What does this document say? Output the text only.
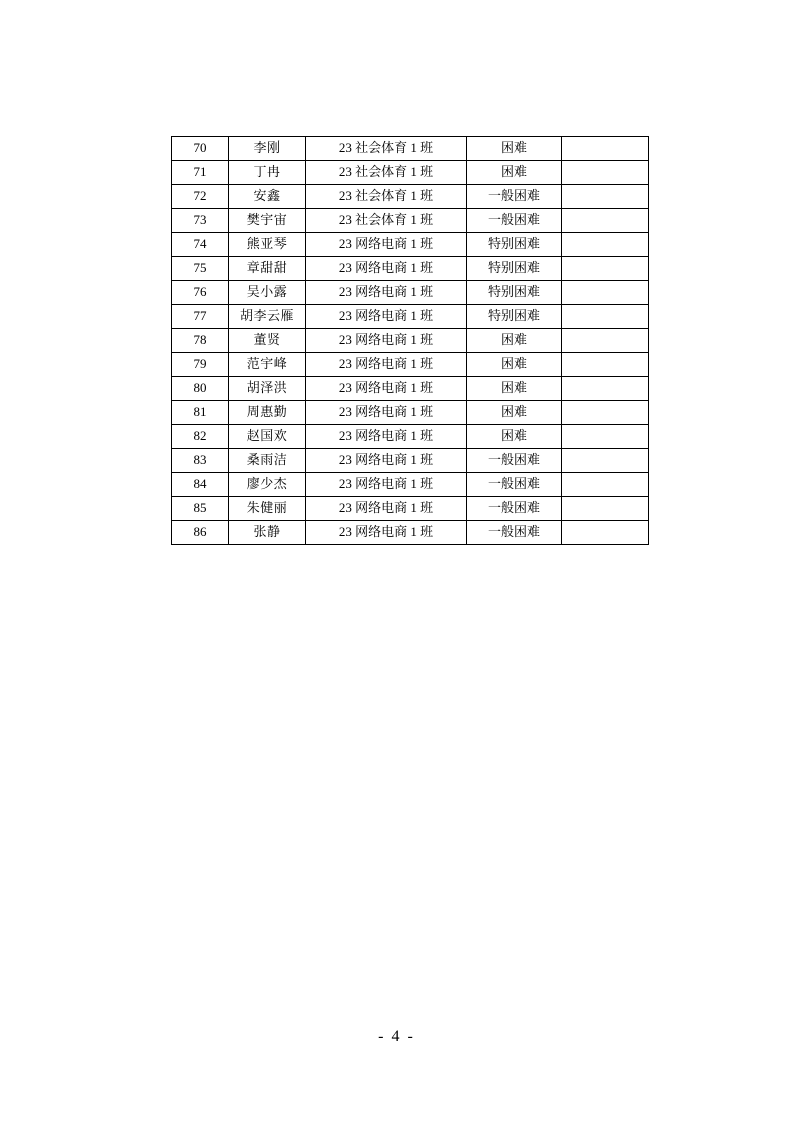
70	李刚	23 社会体育 1 班	困难	
71	丁冉	23 社会体育 1 班	困难	
72	安鑫	23 社会体育 1 班	一般困难	
73	樊宇宙	23 社会体育 1 班	一般困难	
74	熊亚琴	23 网络电商 1 班	特别困难	
75	章甜甜	23 网络电商 1 班	特别困难	
76	吴小露	23 网络电商 1 班	特别困难	
77	胡李云雁	23 网络电商 1 班	特别困难	
78	董贤	23 网络电商 1 班	困难	
79	范宇峰	23 网络电商 1 班	困难	
80	胡泽洪	23 网络电商 1 班	困难	
81	周惠勤	23 网络电商 1 班	困难	
82	赵国欢	23 网络电商 1 班	困难	
83	桑雨洁	23 网络电商 1 班	一般困难	
84	廖少杰	23 网络电商 1 班	一般困难	
85	朱健丽	23 网络电商 1 班	一般困难	
86	张静	23 网络电商 1 班	一般困难	
- 4 -
